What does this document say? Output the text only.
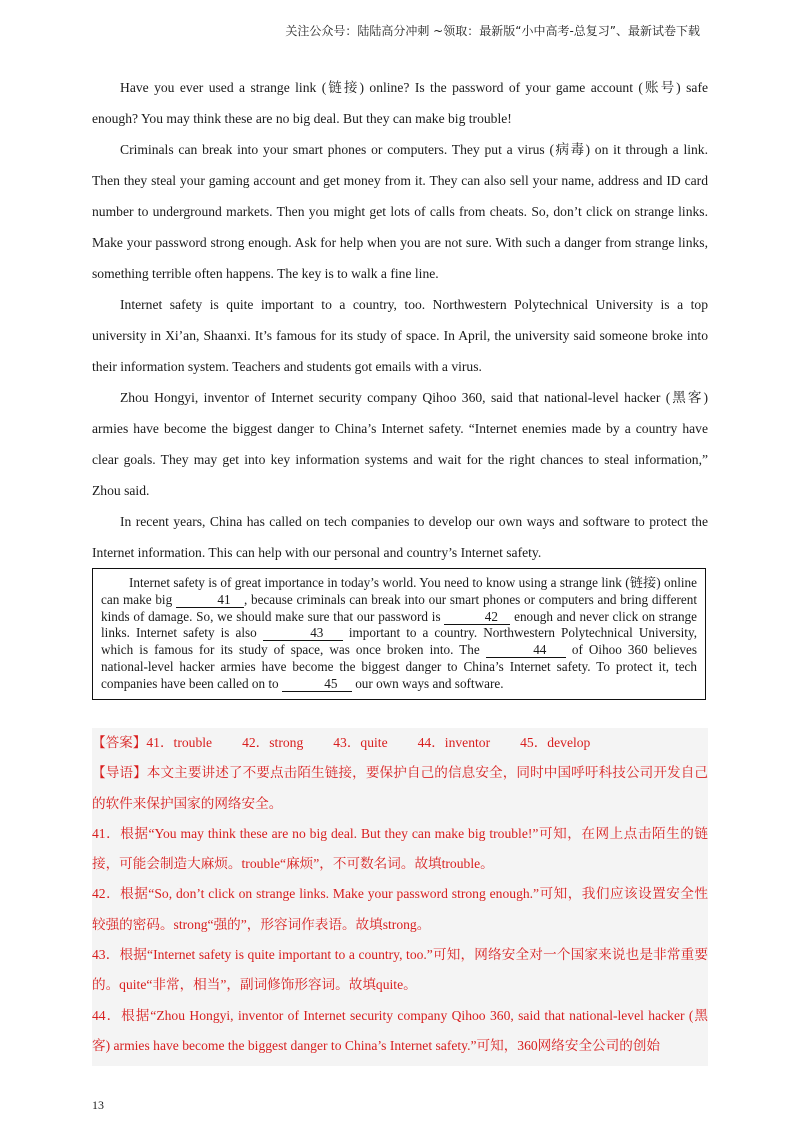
关注公众号：陆陆高分冲刺 ~领取：最新版“小中高考-总复习”、最新试卷下载

Have you ever used a strange link (链接) online? Is the password of your game account (账号) safe enough? You may think these are no big deal. But they can make big trouble!

Criminals can break into your smart phones or computers. They put a virus (病毒) on it through a link. Then they steal your gaming account and get money from it. They can also sell your name, address and ID card number to underground markets. Then you might get lots of calls from cheats. So, don’t click on strange links. Make your password strong enough. Ask for help when you are not sure. With such a danger from strange links, something terrible often happens. The key is to walk a fine line.

Internet safety is quite important to a country, too. Northwestern Polytechnical University is a top university in Xi’an, Shaanxi. It’s famous for its study of space. In April, the university said someone broke into their information system. Teachers and students got emails with a virus.

Zhou Hongyi, inventor of Internet security company Qihoo 360, said that national-level hacker (黑客) armies have become the biggest danger to China’s Internet safety. “Internet enemies made by a country have clear goals. They may get into key information systems and wait for the right chances to steal information,” Zhou said.

In recent years, China has called on tech companies to develop our own ways and software to protect the Internet information. This can help with our personal and country’s Internet safety.

Internet safety is of great importance in today’s world. You need to know using a strange link (链接) online can make big	41 , because criminals can break into our smart phones or computers and bring different kinds of damage. So, we should make sure that our password is	42 enough and never click on strange links. Internet safety is also	43 important to a country. Northwestern Polytechnical University, which is famous for its study of space, was once broken into. The	44 of Oihoo 360 believes national-level hacker armies have become the biggest danger to China’s Internet safety. To protect it, tech companies have been called on to	45 our own ways and software.

【答案】41．trouble 42．strong 43．quite 44．inventor 45．develop

【导语】本文主要讲述了不要点击陌生链接，要保护自己的信息安全，同时中国呼吁科技公司开发自己的软件来保护国家的网络安全。

41．根据“You may think these are no big deal. But they can make big trouble!”可知，在网上点击陌生的链接，可能会制造大麻烦。trouble“麻烦”，不可数名词。故填trouble。

42．根据“So, don’t click on strange links. Make your password strong enough.”可知，我们应该设置安全性较强的密码。strong“强的”，形容词作表语。故填strong。

43．根据“Internet safety is quite important to a country, too.”可知，网络安全对一个国家来说也是非常重要的。quite“非常，相当”，副词修饰形容词。故填quite。

44．根据“Zhou Hongyi, inventor of Internet security company Qihoo 360, said that national-level hacker (黑客) armies have become the biggest danger to China’s Internet safety.”可知，360网络安全公司的创始

13
